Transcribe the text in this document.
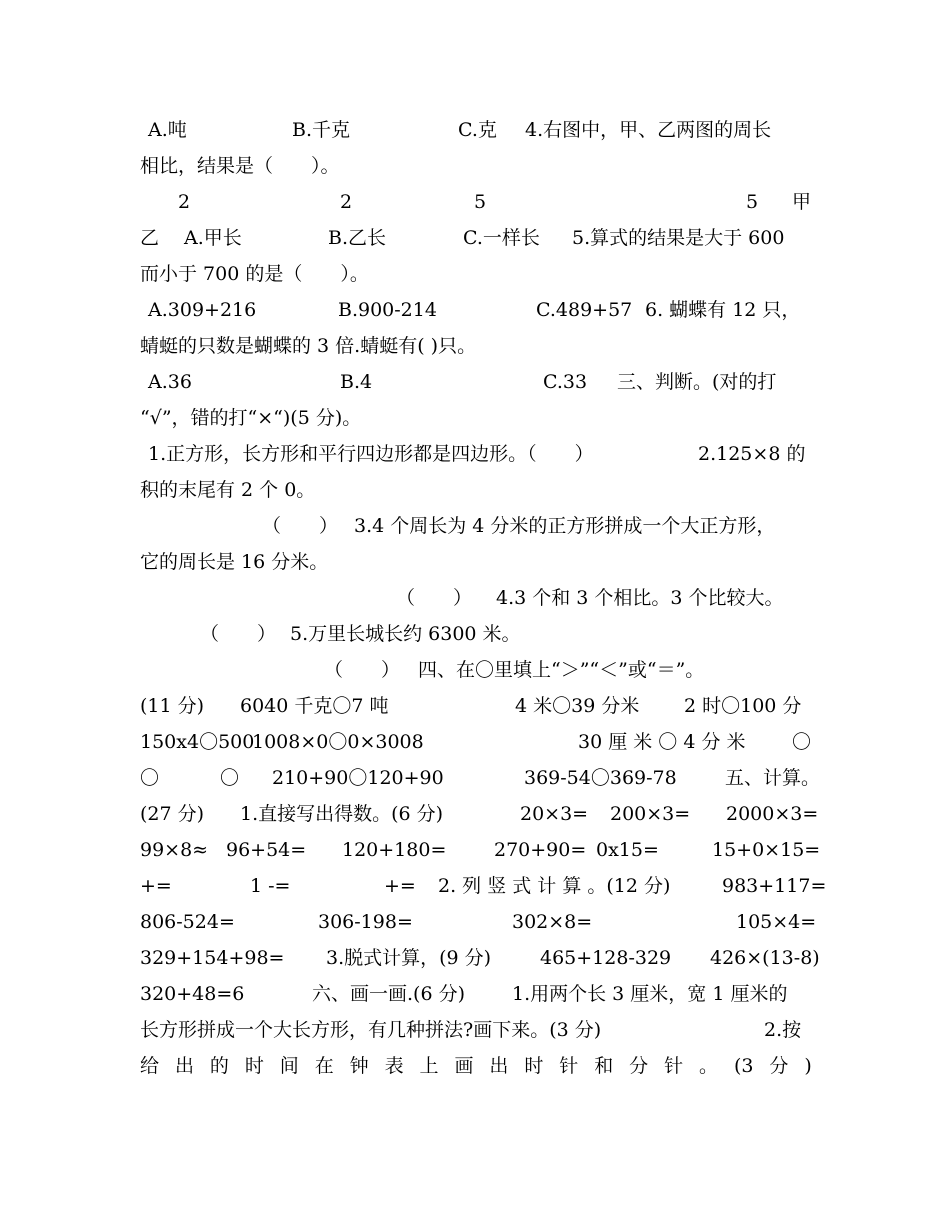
A.吨	B.千克	C.克 4.右图中，甲、乙两图的周长
相比，结果是（　　）。
2	2	5	5 甲
乙 A.甲长	B.乙长	C.一样长 5.算式的结果是大于 600
而小于 700 的是（　　）。
A.309+216	B.900-214	C.489+57 6. 蝴蝶有 12 只，
蜻蜓的只数是蝴蝶的 3 倍.蜻蜓有( )只。
A.36	B.4	C.33 三、判断。(对的打
“√”，错的打“×“)(5 分)。
1.正方形，长方形和平行四边形都是四边形。（　　）	2.125×8 的
积的末尾有 2 个 0。
（　　） 3.4 个周长为 4 分米的正方形拼成一个大正方形，
它的周长是 16 分米。
（　　） 4.3 个和 3 个相比。3 个比较大。
（　　） 5.万里长城长约 6300 米。
（　　） 四、在〇里填上“＞”“＜”或“＝”。
(11 分) 6040 千克〇7 吨	4 米〇39 分米 2 时〇100 分
150x4〇500
1008×0〇0×3008	30 厘 米 〇 4 分 米 〇
〇	〇 210+90〇120+90	369-54〇369-78	五、计算。
(27 分) 1.直接写出得数。(6 分)	20×3= 200×3= 2000×3=
99×8≈ 96+54= 120+180=	270+90= 0x15=	15+0×15=
+=	1 -=	+= 2. 列 竖 式 计 算 。(12 分)	983+117=
806-524=	306-198=	302×8=	105×4=
329+154+98= 3.脱式计算，(9 分)	465+128-329 426×(13-8)
320+48=6	六、画一画.(6 分) 1.用两个长 3 厘米，宽 1 厘米的
长方形拼成一个大长方形，有几种拼法?画下来。(3 分)	2.按
给 出 的 时 间 在 钟 表 上 画 出 时 针 和 分 针 。 (3 分 )
